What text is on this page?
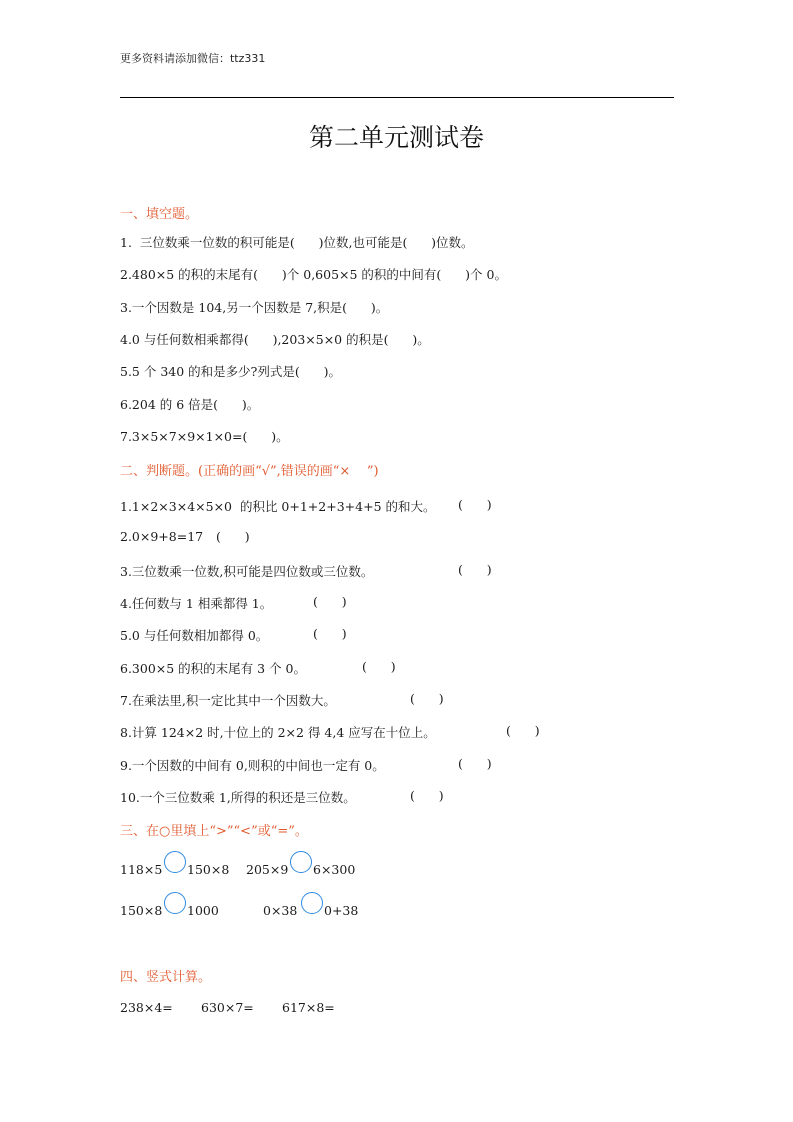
更多资料请添加微信：ttz331
第二单元测试卷
一、填空题。
1.  三位数乘一位数的积可能是(      )位数,也可能是(      )位数。
2.480×5 的积的末尾有(      )个 0,605×5 的积的中间有(      )个 0。
3.一个因数是 104,另一个因数是 7,积是(      )。
4.0 与任何数相乘都得(      ),203×5×0 的积是(      )。
5.5 个 340 的和是多少?列式是(      )。
6.204 的 6 倍是(      )。
7.3×5×7×9×1×0=(      )。
二、判断题。(正确的画“√”,错误的画“×    ”)
1.1×2×3×4×5×0  的积比 0+1+2+3+4+5 的和大。 (      )
2.0×9+8=17 (      )
3.三位数乘一位数,积可能是四位数或三位数。	(      )
4.任何数与 1 相乘都得 1。	(      )
5.0 与任何数相加都得 0。	(      )
6.300×5 的积的末尾有 3 个 0。	(      )
7.在乘法里,积一定比其中一个因数大。	(      )
8.计算 124×2 时,十位上的 2×2 得 4,4 应写在十位上。	(      )
9.一个因数的中间有 0,则积的中间也一定有 0。	(      )
10.一个三位数乘 1,所得的积还是三位数。	(      )
三、在○里填上“>”“<”或“=”。
118×5 150×8 205×9 6×300
150×8 1000	0×38 0+38
四、竖式计算。
238×4= 630×7= 617×8=
